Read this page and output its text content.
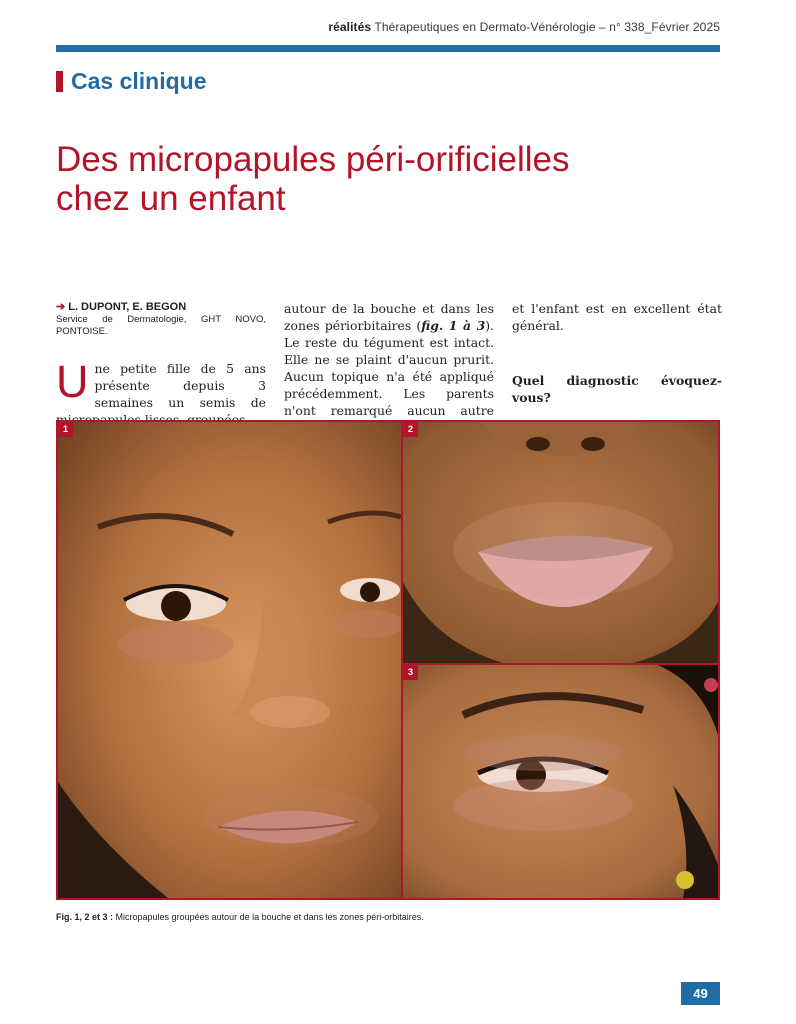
réalités Thérapeutiques en Dermato-Vénérologie – n° 338_Février 2025
Cas clinique
Des micropapules péri-orificielles
chez un enfant
➔ L. DUPONT, E. BEGON
Service de Dermatologie, GHT NOVO, PONTOISE.

Une petite fille de 5 ans présente depuis 3 semaines un semis de

autour de la bouche et dans les zones périorbitaires (fig. 1 à 3). Le reste du tégument est intact. Elle ne se plaint d'aucun prurit. Aucun topique n'a été appliqué précédemment. Les parents n'ont remarqué aucun autre

et l'enfant est en excellent état général.

Quel diagnostic évoquez-vous?
1	2
3
Fig. 1, 2 et 3 : Micropapules groupées autour de la bouche et dans les zones péri-orbitaires.
49
